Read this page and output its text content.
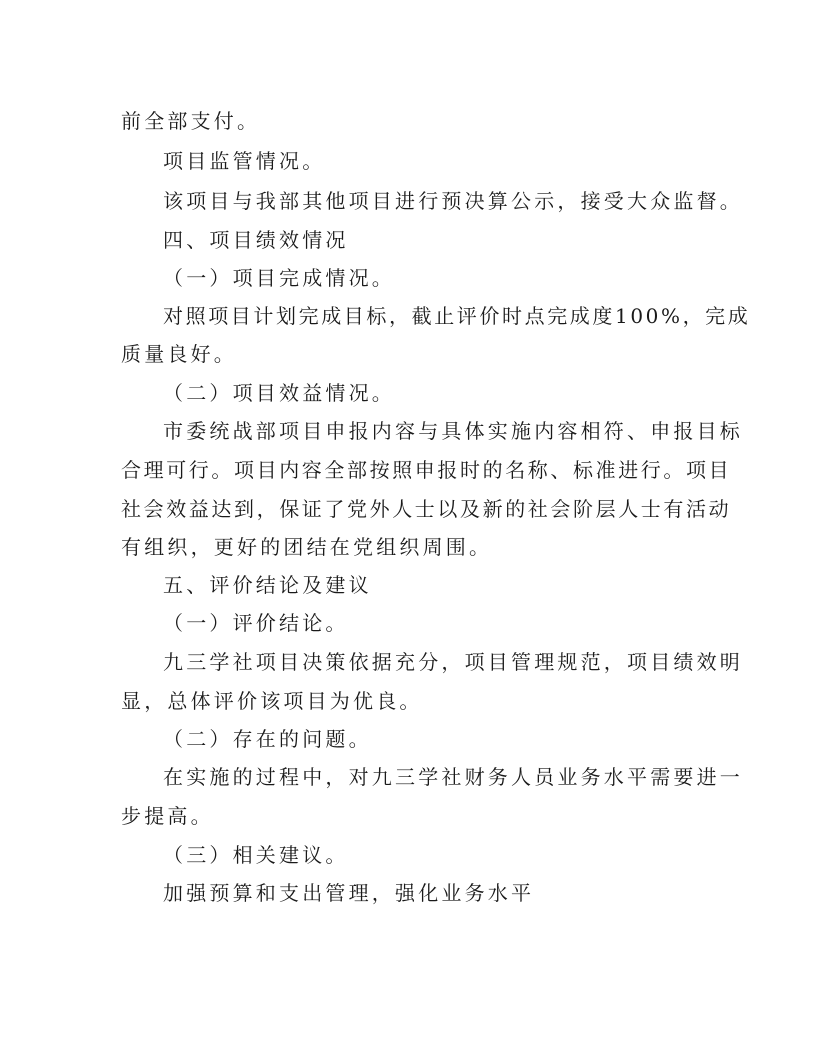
前全部支付。
项目监管情况。
该项目与我部其他项目进行预决算公示，接受大众监督。
四、项目绩效情况
（一）项目完成情况。
对照项目计划完成目标，截止评价时点完成度100%，完成
质量良好。
（二）项目效益情况。
市委统战部项目申报内容与具体实施内容相符、申报目标
合理可行。项目内容全部按照申报时的名称、标准进行。项目
社会效益达到，保证了党外人士以及新的社会阶层人士有活动
有组织，更好的团结在党组织周围。
五、评价结论及建议
（一）评价结论。
九三学社项目决策依据充分，项目管理规范，项目绩效明
显，总体评价该项目为优良。
（二）存在的问题。
在实施的过程中，对九三学社财务人员业务水平需要进一
步提高。
（三）相关建议。
加强预算和支出管理，强化业务水平
